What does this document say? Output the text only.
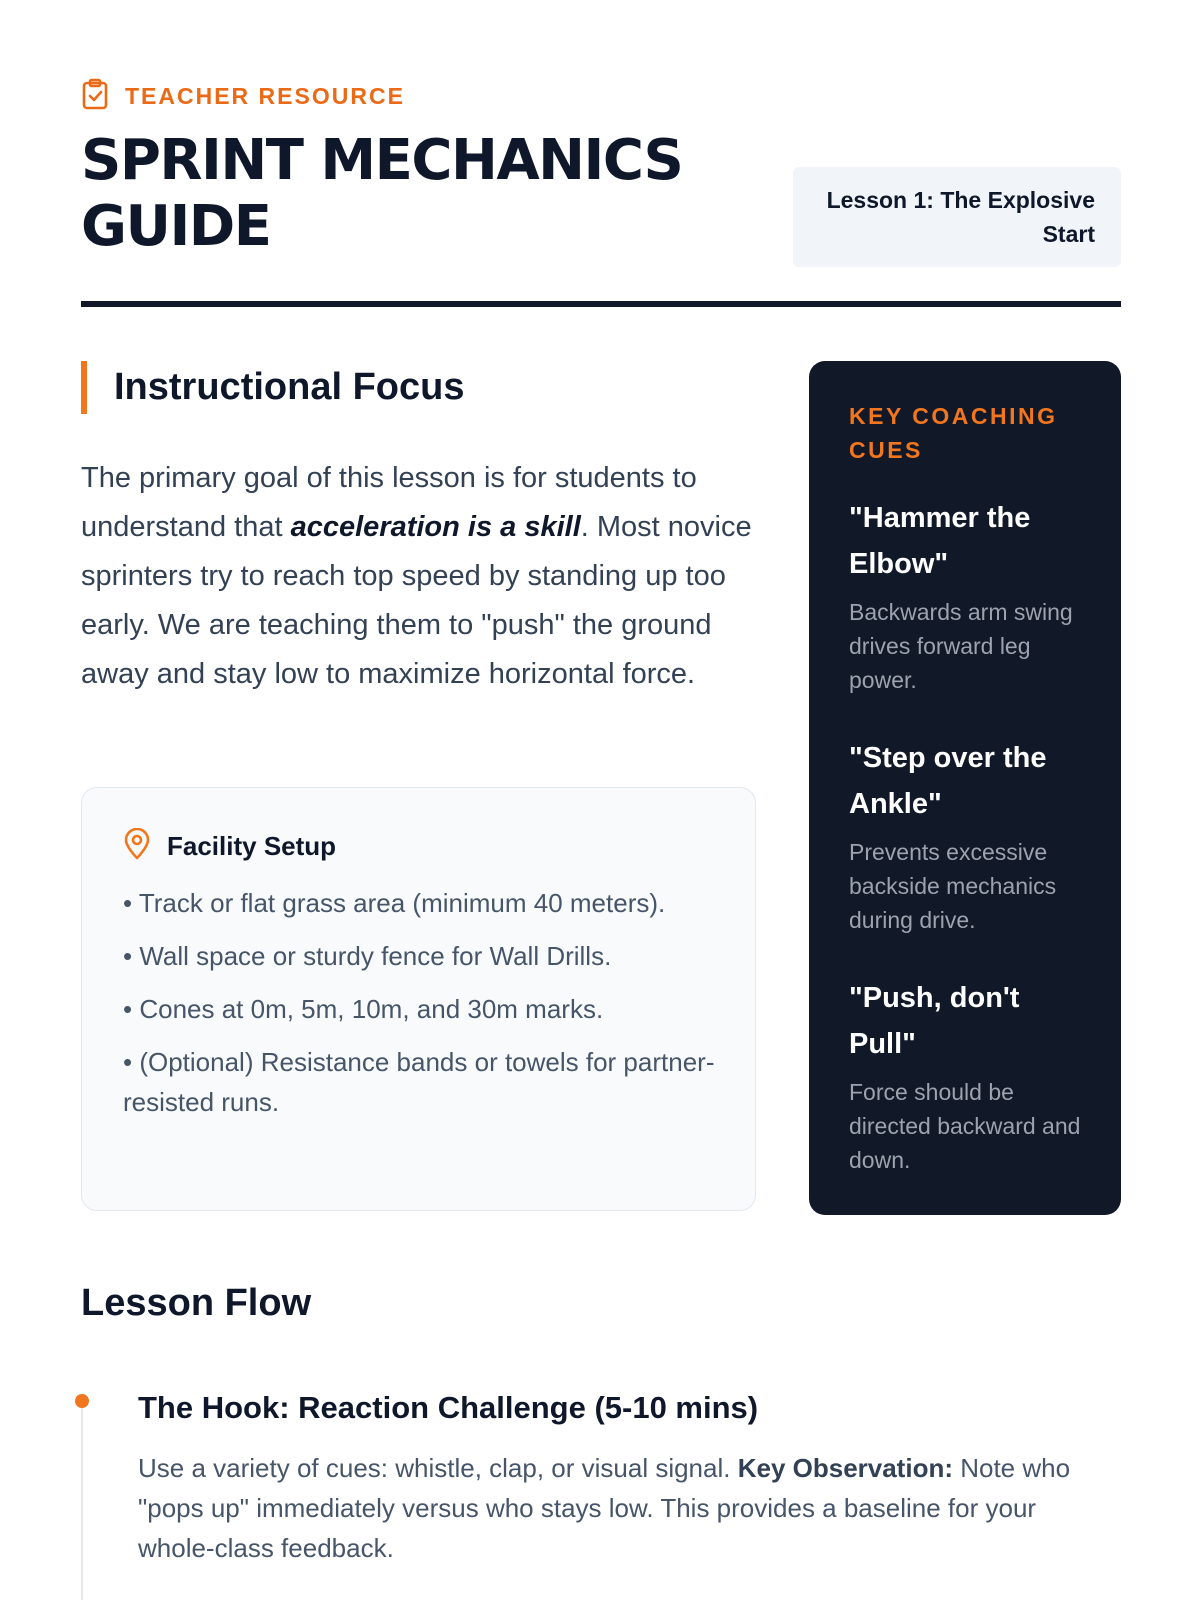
TEACHER RESOURCE
SPRINT MECHANICS GUIDE	Lesson 1: The Explosive Start
Instructional Focus

The primary goal of this lesson is for students to understand that acceleration is a skill. Most novice sprinters try to reach top speed by standing up too early. We are teaching them to "push" the ground away and stay low to maximize horizontal force.

Facility Setup
• Track or flat grass area (minimum 40 meters).
• Wall space or sturdy fence for Wall Drills.
• Cones at 0m, 5m, 10m, and 30m marks.
• (Optional) Resistance bands or towels for partner-resisted runs.
KEY COACHING CUES
"Hammer the Elbow"
Backwards arm swing drives forward leg power.
"Step over the Ankle"
Prevents excessive backside mechanics during drive.
"Push, don't Pull"
Force should be directed backward and down.
Lesson Flow
The Hook: Reaction Challenge (5-10 mins)

Use a variety of cues: whistle, clap, or visual signal. Key Observation: Note who "pops up" immediately versus who stays low. This provides a baseline for your whole-class feedback.
